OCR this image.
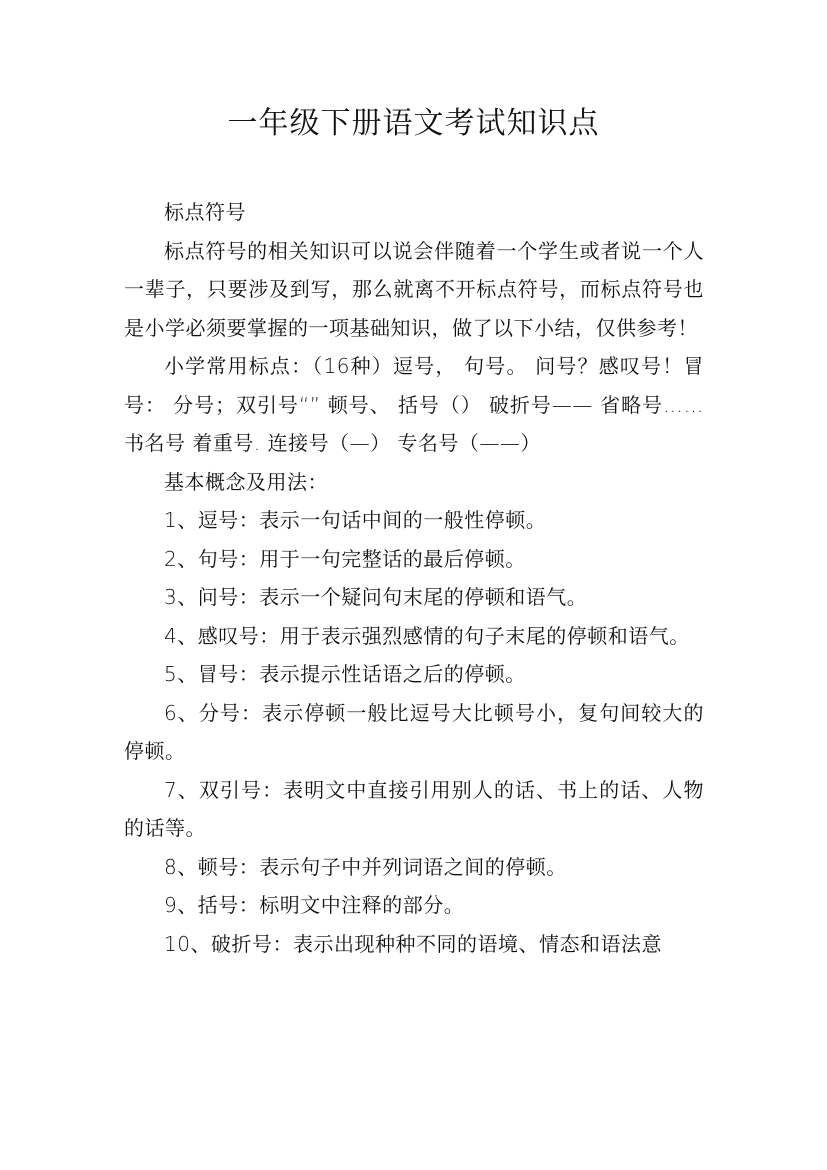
一年级下册语文考试知识点

标点符号

标点符号的相关知识可以说会伴随着一个学生或者说一个人一辈子，只要涉及到写，那么就离不开标点符号，而标点符号也是小学必须要掌握的一项基础知识，做了以下小结，仅供参考！

小学常用标点：（16种）逗号， 句号。 问号？感叹号！冒号： 分号；双引号“” 顿号、 括号（） 破折号—— 省略号…… 书名号 着重号. 连接号（—） 专名号（——）

基本概念及用法：

1、逗号：表示一句话中间的一般性停顿。

2、句号：用于一句完整话的最后停顿。

3、问号：表示一个疑问句末尾的停顿和语气。

4、感叹号：用于表示强烈感情的句子末尾的停顿和语气。

5、冒号：表示提示性话语之后的停顿。

6、分号：表示停顿一般比逗号大比顿号小，复句间较大的停顿。

7、双引号：表明文中直接引用别人的话、书上的话、人物的话等。

8、顿号：表示句子中并列词语之间的停顿。

9、括号：标明文中注释的部分。

10、破折号：表示出现种种不同的语境、情态和语法意
